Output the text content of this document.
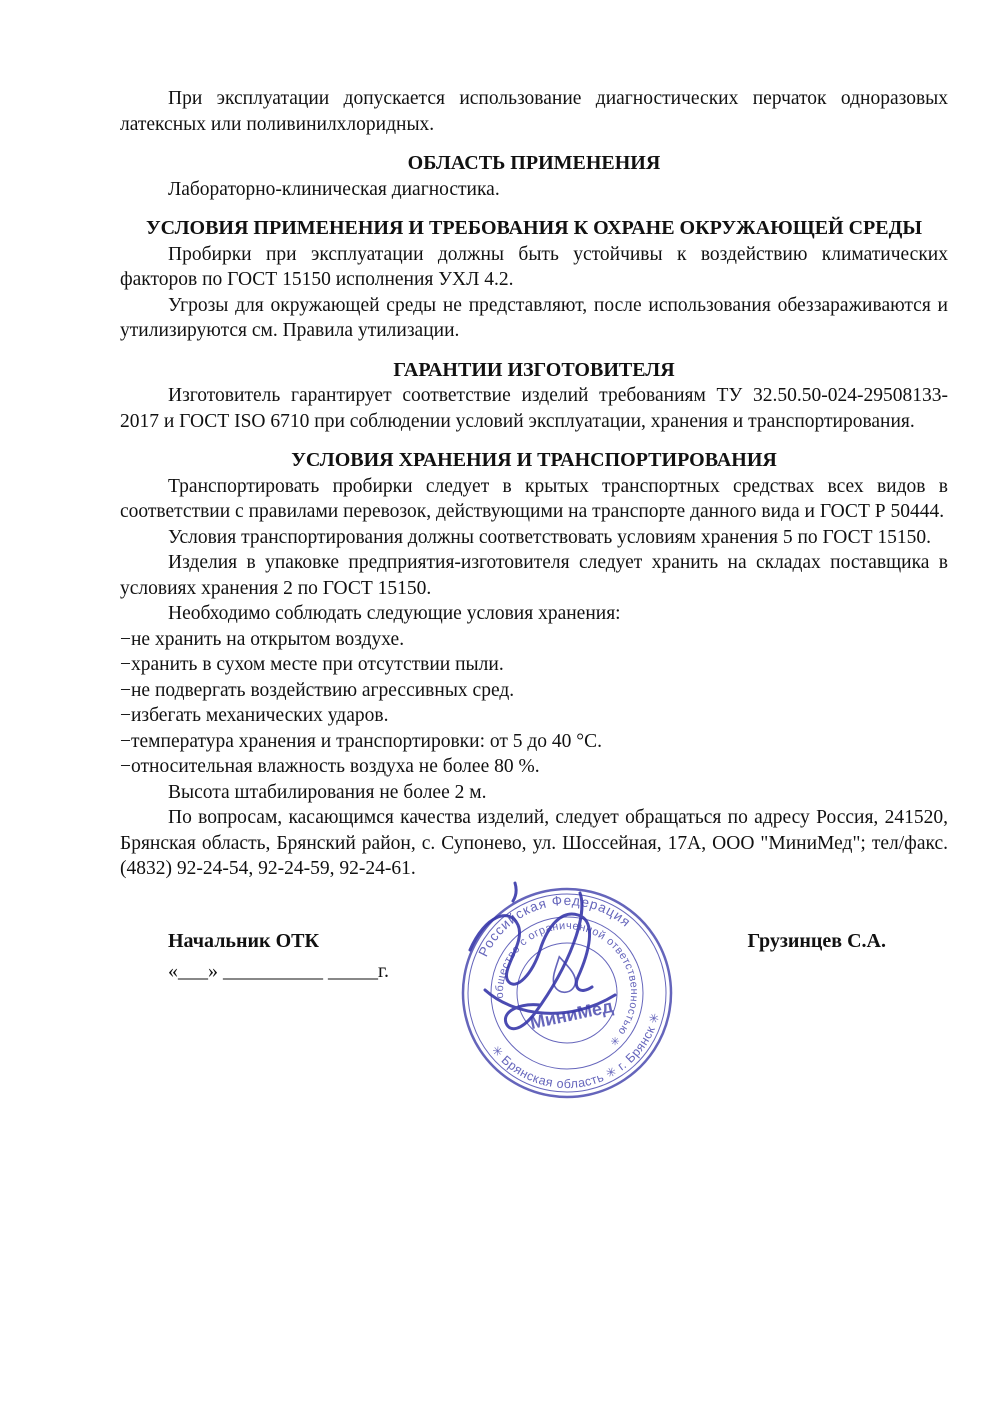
При эксплуатации допускается использование диагностических перчаток одноразовых латексных или поливинилхлоридных.

ОБЛАСТЬ ПРИМЕНЕНИЯ

Лабораторно-клиническая диагностика.

УСЛОВИЯ ПРИМЕНЕНИЯ И ТРЕБОВАНИЯ К ОХРАНЕ ОКРУЖАЮЩЕЙ СРЕДЫ

Пробирки при эксплуатации должны быть устойчивы к воздействию климатических факторов по ГОСТ 15150 исполнения УХЛ 4.2.

Угрозы для окружающей среды не представляют, после использования обеззараживаются и утилизируются см. Правила утилизации.

ГАРАНТИИ ИЗГОТОВИТЕЛЯ

Изготовитель гарантирует соответствие изделий требованиям ТУ 32.50.50-024-29508133-2017 и ГОСТ ISO 6710 при соблюдении условий эксплуатации, хранения и транспортирования.

УСЛОВИЯ ХРАНЕНИЯ И ТРАНСПОРТИРОВАНИЯ

Транспортировать пробирки следует в крытых транспортных средствах всех видов в соответствии с правилами перевозок, действующими на транспорте данного вида и ГОСТ Р 50444.

Условия транспортирования должны соответствовать условиям хранения 5 по ГОСТ 15150.

Изделия в упаковке предприятия-изготовителя следует хранить на складах поставщика в условиях хранения 2 по ГОСТ 15150.

Необходимо соблюдать следующие условия хранения:

−не хранить на открытом воздухе.

−хранить в сухом месте при отсутствии пыли.

−не подвергать воздействию агрессивных сред.

−избегать механических ударов.

−температура хранения и транспортировки: от 5 до 40 °С.

−относительная влажность воздуха не более 80 %.

Высота штабилирования не более 2 м.

По вопросам, касающимся качества изделий, следует обращаться по адресу Россия, 241520, Брянская область, Брянский район, с. Супонево, ул. Шоссейная, 17А, ООО "МиниМед"; тел/факс. (4832) 92-24-54, 92-24-59, 92-24-61.

Начальник ОТК

«___» __________ _____г.

Грузинцев С.А.
Российская Федерация
✳ Брянская область ✳ г. Брянск ✳
общество с ограниченной ответственностью ✳
МиниМед
